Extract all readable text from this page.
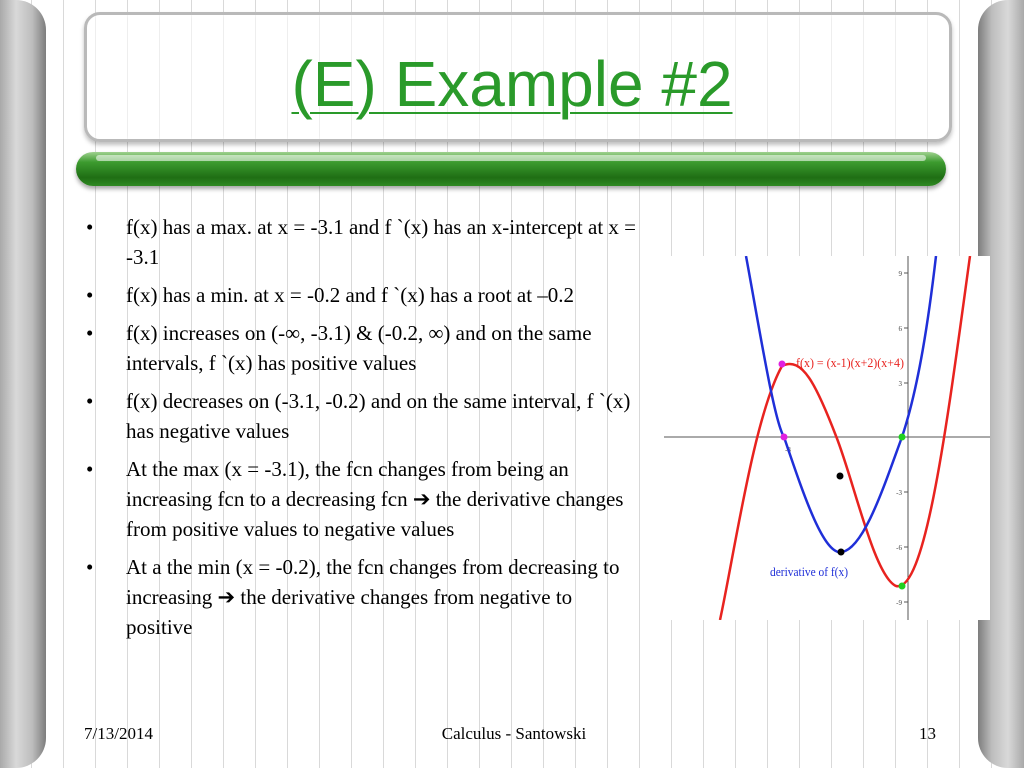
(E) Example #2
• f(x) has a max. at x = -3.1 and f `(x) has an x-intercept at x = -3.1
• f(x) has a min. at x = -0.2 and f `(x) has a root at –0.2
• f(x) increases on (-∞, -3.1) & (-0.2, ∞) and on the same intervals, f `(x) has positive values
• f(x) decreases on (-3.1, -0.2) and on the same interval, f `(x) has negative values
• At the max (x = -3.1), the fcn changes from being an increasing fcn to a decreasing fcn ➔ the derivative changes from positive values to negative values
• At a the min (x = -0.2), the fcn changes from decreasing to increasing ➔ the derivative changes from negative to positive
9
6
3
-3
-6
-9
-3
f(x) = (x-1)(x+2)(x+4)
derivative of f(x)
7/13/2014	Calculus - Santowski	13
